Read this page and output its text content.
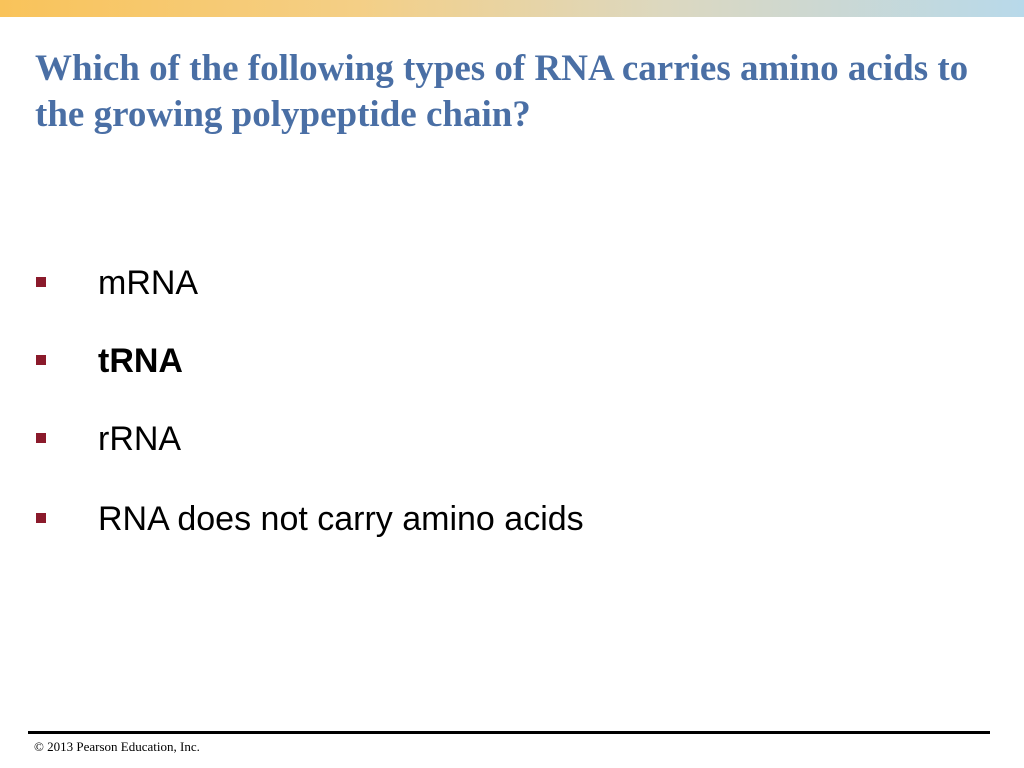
Which of the following types of RNA carries amino acids to the growing polypeptide chain?
mRNA
tRNA
rRNA
RNA does not carry amino acids
© 2013 Pearson Education, Inc.
